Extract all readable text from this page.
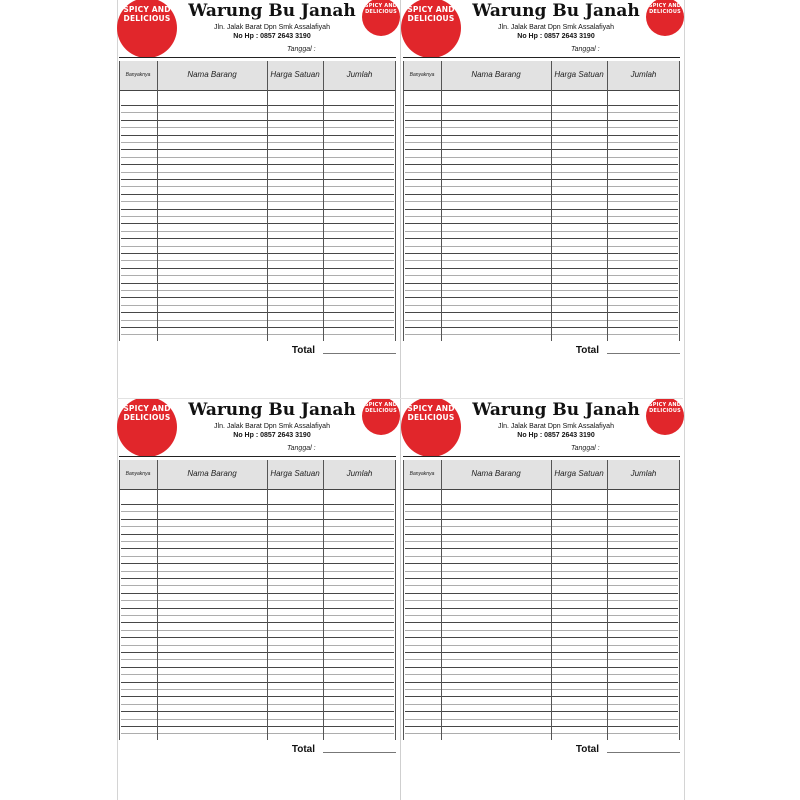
SPICY AND
DELICIOUS	Warung Bu Janah
Jln. Jalak Barat Dpn Smk Assalafiyah
No Hp : 0857 2643 3190
SPICY AND
DELICIOUS
Tanggal :
Banyaknya	Nama Barang	Harga Satuan	Jumlah
Total
SPICY AND
DELICIOUS	Warung Bu Janah
Jln. Jalak Barat Dpn Smk Assalafiyah
No Hp : 0857 2643 3190
SPICY AND
DELICIOUS
Tanggal :
Banyaknya	Nama Barang	Harga Satuan	Jumlah
Total
SPICY AND
DELICIOUS	Warung Bu Janah
Jln. Jalak Barat Dpn Smk Assalafiyah
No Hp : 0857 2643 3190
SPICY AND
DELICIOUS
Tanggal :
Banyaknya	Nama Barang	Harga Satuan	Jumlah
Total
SPICY AND
DELICIOUS	Warung Bu Janah
Jln. Jalak Barat Dpn Smk Assalafiyah
No Hp : 0857 2643 3190
SPICY AND
DELICIOUS
Tanggal :
Banyaknya	Nama Barang	Harga Satuan	Jumlah
Total
